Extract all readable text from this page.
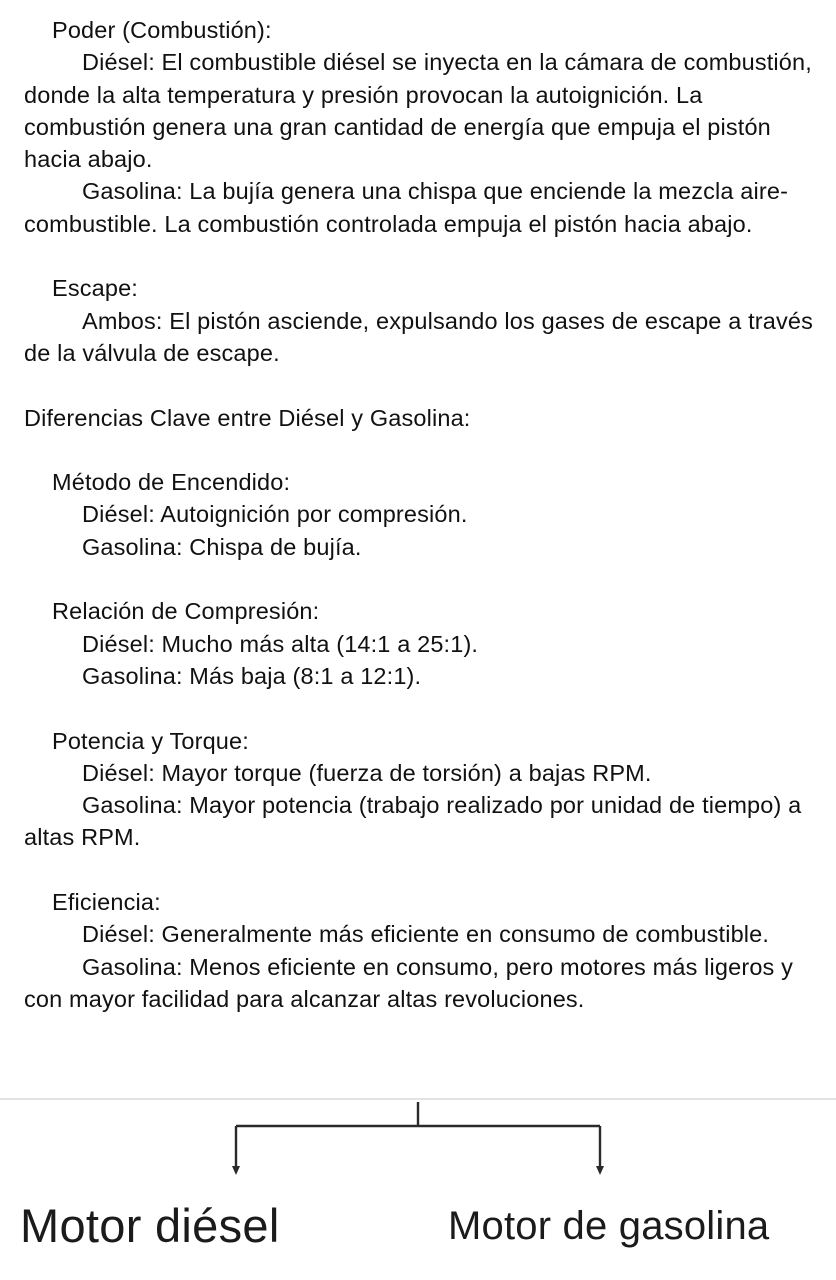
Poder (Combustión):

Diésel: El combustible diésel se inyecta en la cámara de combustión, donde la alta temperatura y presión provocan la autoignición. La combustión genera una gran cantidad de energía que empuja el pistón hacia abajo.

Gasolina: La bujía genera una chispa que enciende la mezcla aire-combustible. La combustión controlada empuja el pistón hacia abajo.

Escape:

Ambos: El pistón asciende, expulsando los gases de escape a través de la válvula de escape.

Diferencias Clave entre Diésel y Gasolina:

Método de Encendido:

Diésel: Autoignición por compresión.

Gasolina: Chispa de bujía.

Relación de Compresión:

Diésel: Mucho más alta (14:1 a 25:1).

Gasolina: Más baja (8:1 a 12:1).

Potencia y Torque:

Diésel: Mayor torque (fuerza de torsión) a bajas RPM.

Gasolina: Mayor potencia (trabajo realizado por unidad de tiempo) a altas RPM.

Eficiencia:

Diésel: Generalmente más eficiente en consumo de combustible.

Gasolina: Menos eficiente en consumo, pero motores más ligeros y con mayor facilidad para alcanzar altas revoluciones.

Motor diésel	Motor de gasolina
